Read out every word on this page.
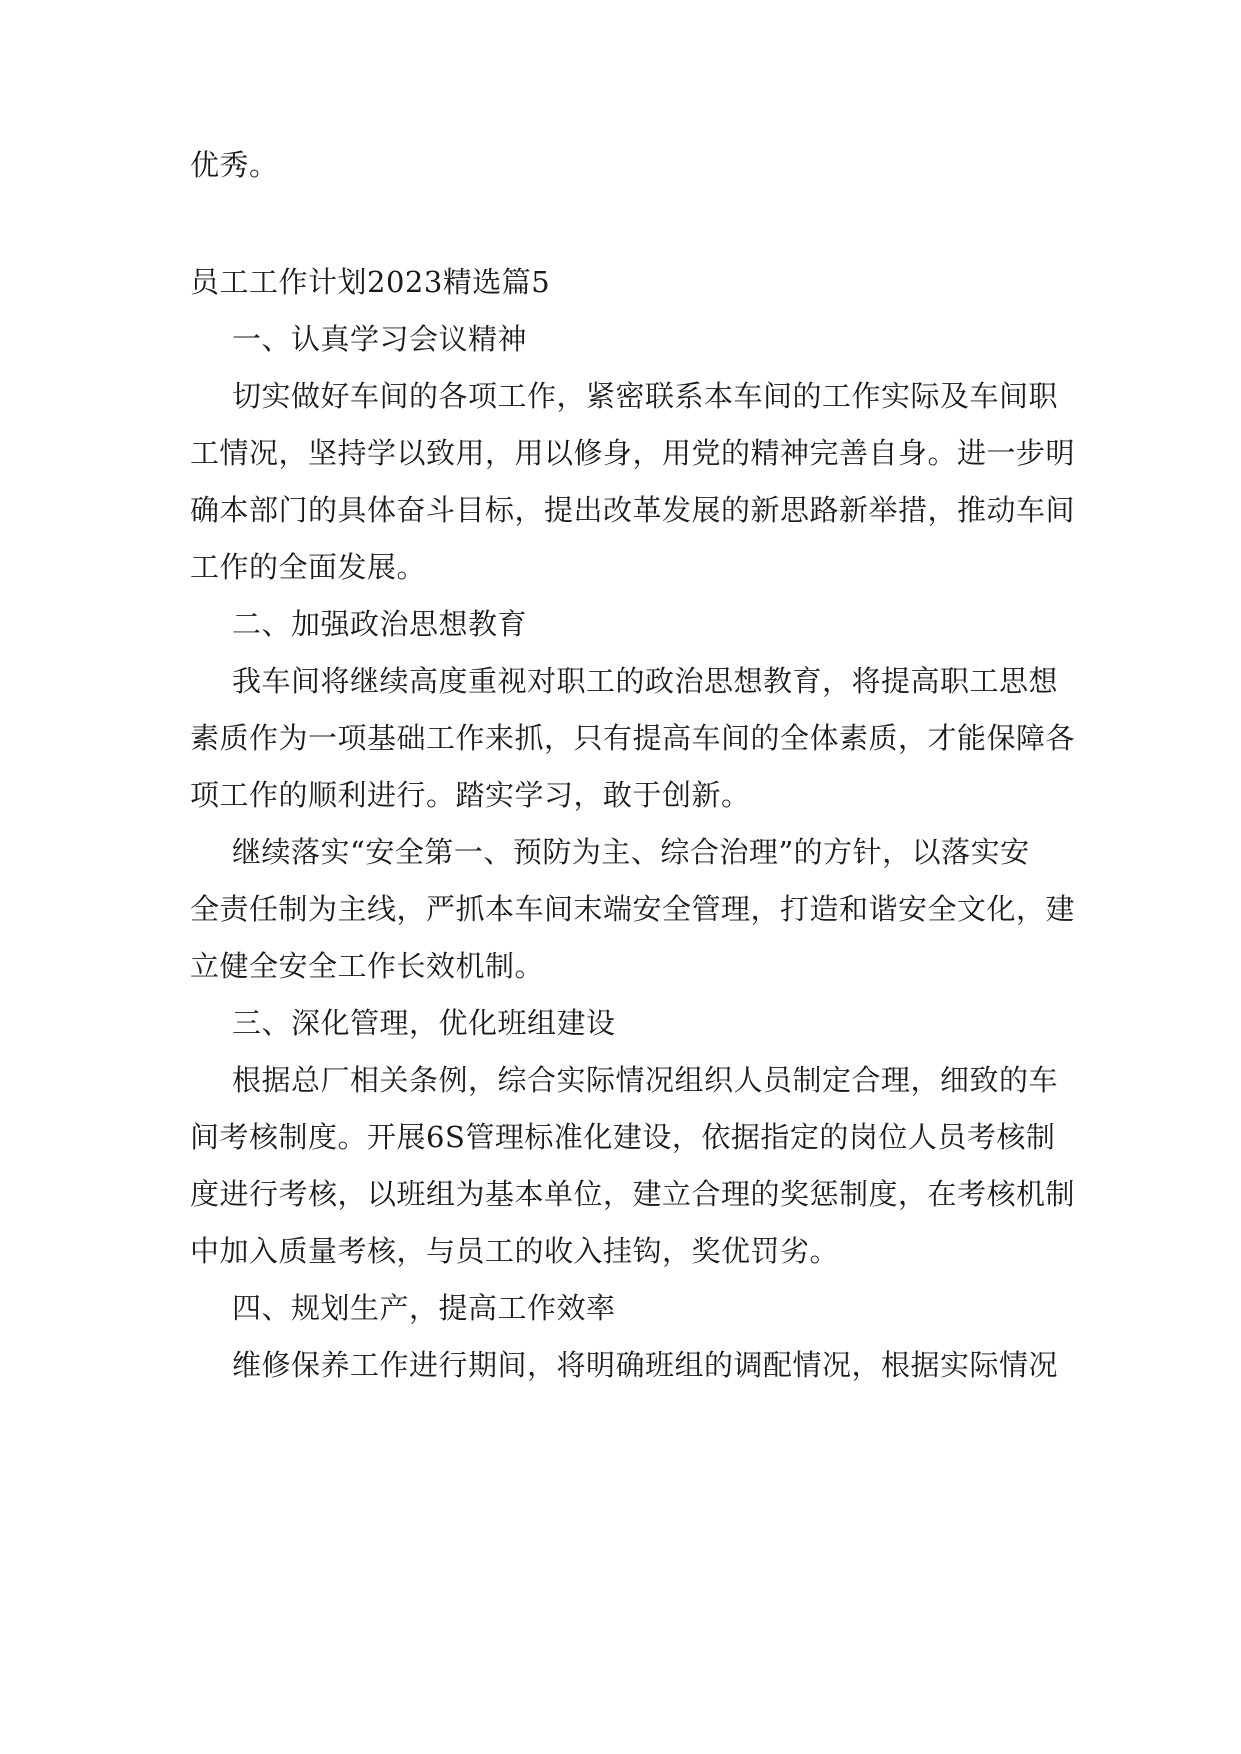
优秀。
员工工作计划2023精选篇5
一、认真学习会议精神
切实做好车间的各项工作，紧密联系本车间的工作实际及车间职
工情况，坚持学以致用，用以修身，用党的精神完善自身。进一步明
确本部门的具体奋斗目标，提出改革发展的新思路新举措，推动车间
工作的全面发展。
二、加强政治思想教育
我车间将继续高度重视对职工的政治思想教育，将提高职工思想
素质作为一项基础工作来抓，只有提高车间的全体素质，才能保障各
项工作的顺利进行。踏实学习，敢于创新。
继续落实“安全第一、预防为主、综合治理”的方针，以落实安
全责任制为主线，严抓本车间末端安全管理，打造和谐安全文化，建
立健全安全工作长效机制。
三、深化管理，优化班组建设
根据总厂相关条例，综合实际情况组织人员制定合理，细致的车
间考核制度。开展6S管理标准化建设，依据指定的岗位人员考核制
度进行考核，以班组为基本单位，建立合理的奖惩制度，在考核机制
中加入质量考核，与员工的收入挂钩，奖优罚劣。
四、规划生产，提高工作效率
维修保养工作进行期间，将明确班组的调配情况，根据实际情况
